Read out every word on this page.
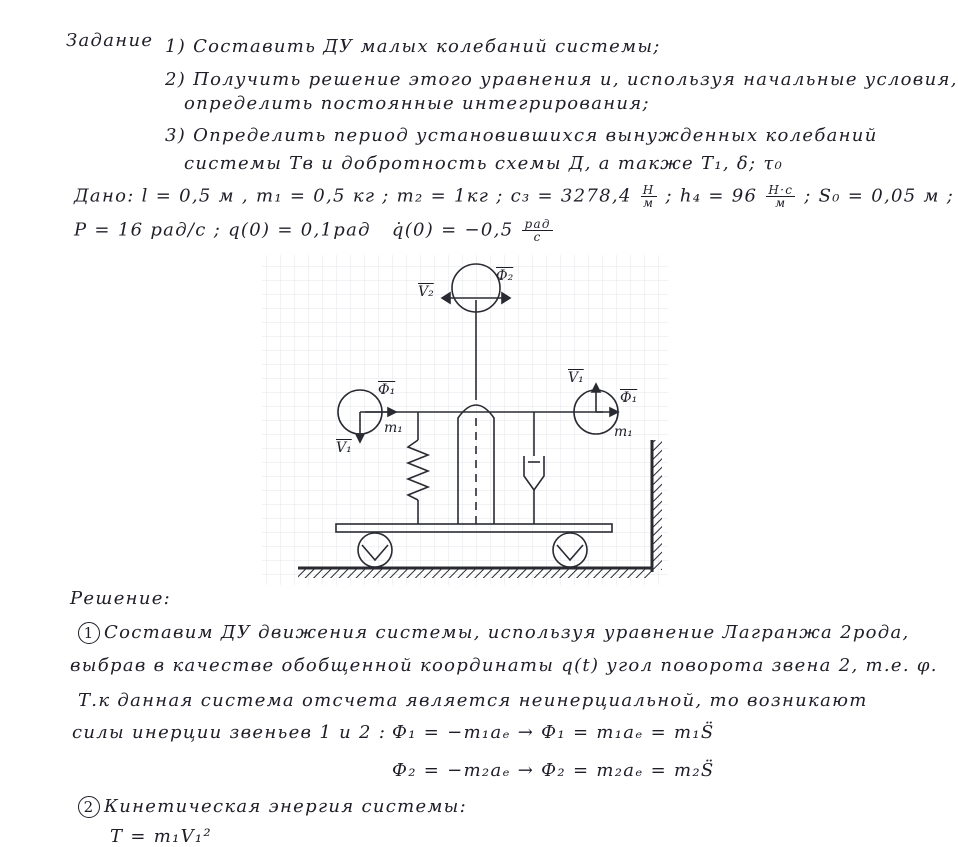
Задание 1) Составить ДУ малых колебаний системы;
2) Получить решение этого уравнения и, используя начальные условия,
определить постоянные интегрирования;
3) Определить период установившихся вынужденных колебаний
системы Tв и добротность схемы Д, а также T₁, δ; τ₀
Дано: l = 0,5 м , m₁ = 0,5 кг ; m₂ = 1кг ; $c_3 = 3278,4 \frac{Н}{м}$ ; $h_4 = 96 \frac{Н\cdot с}{м}$ ; S₀ = 0,05 м ;
P = 16 рад/с ; q(0) = 0,1рад q̇(0) = $-0,5 \frac{\text{рад}}{с}$
V₂
Ф₂
Ф₁
m₁
V₁
V₁
Ф₁
m₁
Решение:
1 Составим ДУ движения системы, используя уравнение Лагранжа 2рода,
выбрав в качестве обобщенной координаты q(t) угол поворота звена 2, т.е. φ.
Т.к данная система отсчета является неинерциальной, то возникают
силы инерции звеньев 1 и 2 : Ф₁ = −m₁aₑ → Ф₁ = m₁aₑ = m₁S̈
Ф₂ = −m₂aₑ → Ф₂ = m₂aₑ = m₂S̈
2 Кинетическая энергия системы:
T = m₁V₁²
